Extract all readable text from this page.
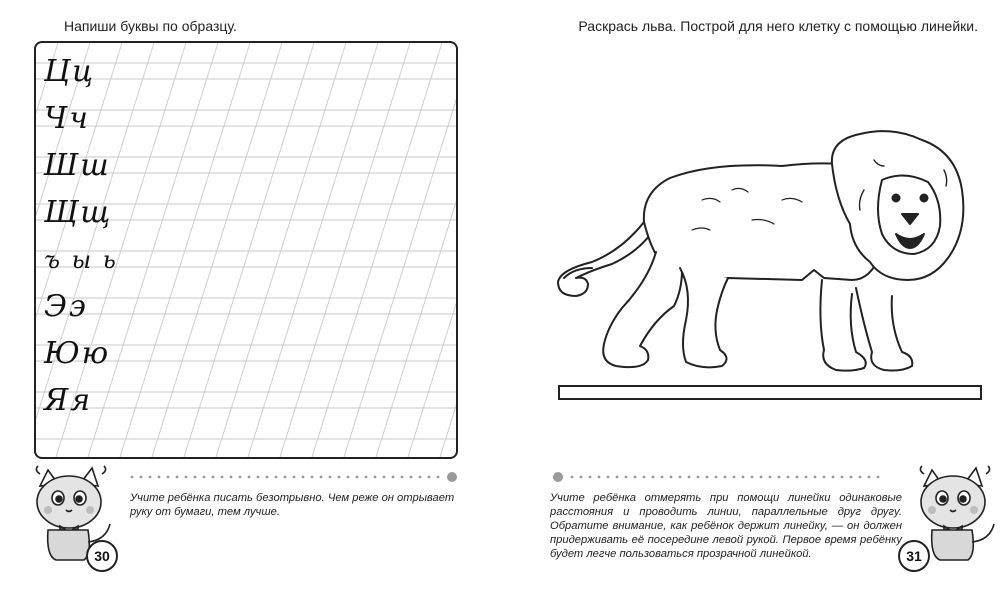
Напиши буквы по образцу.
Цц
Чч
Шш
Щщ
ъ ы ь
Ээ
Юю
Яя
Учите ребёнка писать безотрывно. Чем реже он отрывает руку от бумаги, тем лучше.
30
Раскрась льва. Построй для него клетку с помощью линейки.
Учите ребёнка отмерять при помощи линейки одинаковые расстояния и проводить линии, параллельные друг другу. Обратите внимание, как ребёнок держит линейку, — он должен придерживать её посередине левой рукой. Первое время ребёнку будет легче пользоваться прозрачной линейкой.	31
